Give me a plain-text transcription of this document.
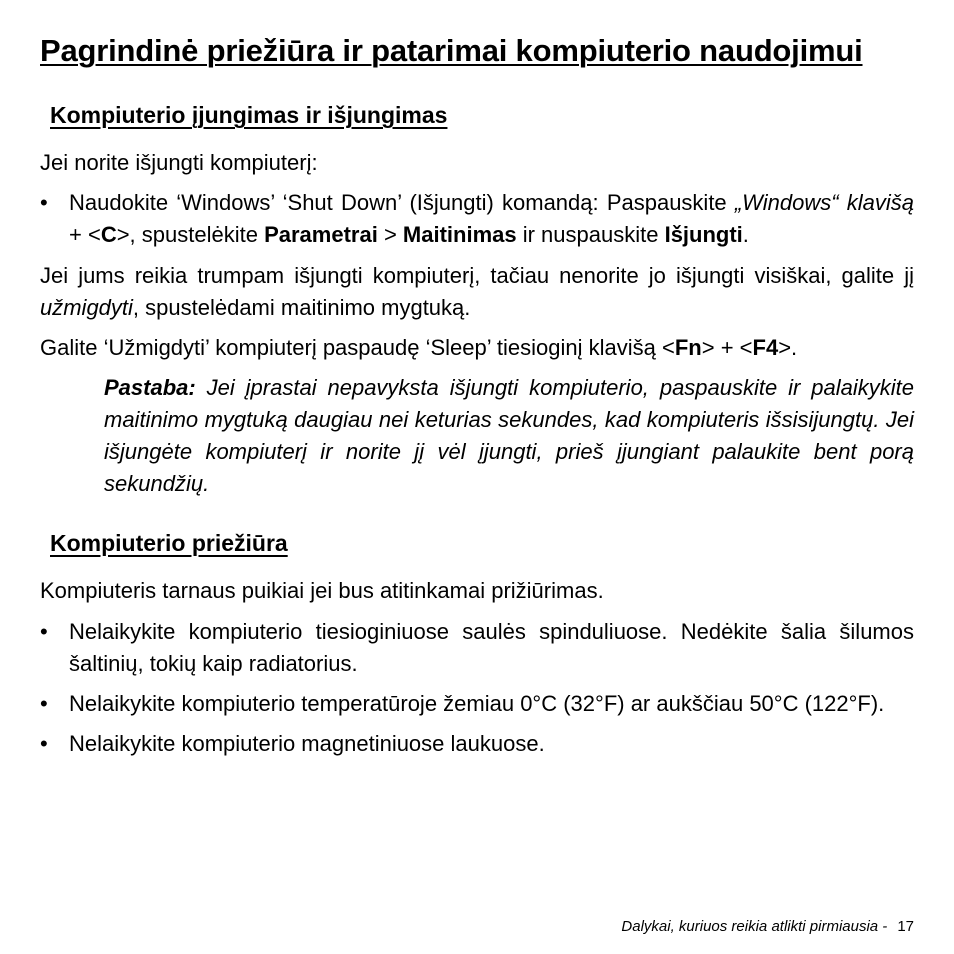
Pagrindinė priežiūra ir patarimai kompiuterio naudojimui
Kompiuterio įjungimas ir išjungimas

Jei norite išjungti kompiuterį:

• Naudokite ‘Windows’ ‘Shut Down’ (Išjungti) komandą: Paspauskite „Windows“ klavišą + <C>, spustelėkite Parametrai > Maitinimas ir nuspauskite Išjungti.

Jei jums reikia trumpam išjungti kompiuterį, tačiau nenorite jo išjungti visiškai, galite jį užmigdyti, spustelėdami maitinimo mygtuką.

Galite ‘Užmigdyti’ kompiuterį paspaudę ‘Sleep’ tiesioginį klavišą <Fn> + <F4>.

Pastaba: Jei įprastai nepavyksta išjungti kompiuterio, paspauskite ir palaikykite maitinimo mygtuką daugiau nei keturias sekundes, kad kompiuteris išsisijungtų. Jei išjungėte kompiuterį ir norite jį vėl įjungti, prieš įjungiant palaukite bent porą sekundžių.

Kompiuterio priežiūra

Kompiuteris tarnaus puikiai jei bus atitinkamai prižiūrimas.

• Nelaikykite kompiuterio tiesioginiuose saulės spinduliuose. Nedėkite šalia šilumos šaltinių, tokių kaip radiatorius.
• Nelaikykite kompiuterio temperatūroje žemiau 0°C (32°F) ar aukščiau 50°C (122°F).
• Nelaikykite kompiuterio magnetiniuose laukuose.
Dalykai, kuriuos reikia atlikti pirmiausia - 17
